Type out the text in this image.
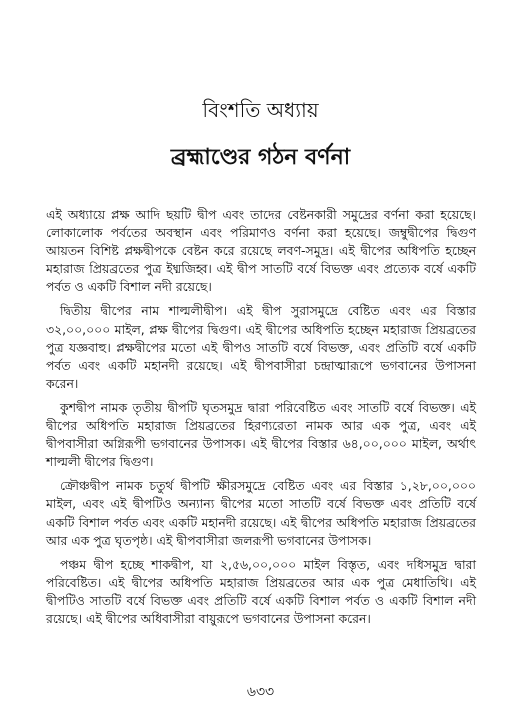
বিংশতি অধ্যায়
ব্রহ্মাণ্ডের গঠন বর্ণনা

এই অধ্যায়ে প্লক্ষ আদি ছয়টি দ্বীপ এবং তাদের বেষ্টনকারী সমুদ্রের বর্ণনা করা হয়েছে। লোকালোক পর্বতের অবস্থান এবং পরিমাণও বর্ণনা করা হয়েছে। জম্বুদ্বীপের দ্বিগুণ আয়তন বিশিষ্ট প্লক্ষদ্বীপকে বেষ্টন করে রয়েছে লবণ-সমুদ্র। এই দ্বীপের অধিপতি হচ্ছেন মহারাজ প্রিয়ব্রতের পুত্র ইধ্মজিহ্ব। এই দ্বীপ সাতটি বর্ষে বিভক্ত এবং প্রত্যেক বর্ষে একটি পর্বত ও একটি বিশাল নদী রয়েছে।

দ্বিতীয় দ্বীপের নাম শাল্মলীদ্বীপ। এই দ্বীপ সুরাসমুদ্রে বেষ্টিত এবং এর বিস্তার ৩২,০০,০০০ মাইল, প্লক্ষ দ্বীপের দ্বিগুণ। এই দ্বীপের অধিপতি হচ্ছেন মহারাজ প্রিয়ব্রতের পুত্র যজ্ঞবাহু। প্লক্ষদ্বীপের মতো এই দ্বীপও সাতটি বর্ষে বিভক্ত, এবং প্রতিটি বর্ষে একটি পর্বত এবং একটি মহানদী রয়েছে। এই দ্বীপবাসীরা চন্দ্রাত্মারূপে ভগবানের উপাসনা করেন।

কুশদ্বীপ নামক তৃতীয় দ্বীপটি ঘৃতসমুদ্র দ্বারা পরিবেষ্টিত এবং সাতটি বর্ষে বিভক্ত। এই দ্বীপের অধিপতি মহারাজ প্রিয়ব্রতের হিরণ্যরেতা নামক আর এক পুত্র, এবং এই দ্বীপবাসীরা অগ্নিরূপী ভগবানের উপাসক। এই দ্বীপের বিস্তার ৬৪,০০,০০০ মাইল, অর্থাৎ শাল্মলী দ্বীপের দ্বিগুণ।

ক্রৌঞ্চদ্বীপ নামক চতুর্থ দ্বীপটি ক্ষীরসমুদ্রে বেষ্টিত এবং এর বিস্তার ১,২৮,০০,০০০ মাইল, এবং এই দ্বীপটিও অন্যান্য দ্বীপের মতো সাতটি বর্ষে বিভক্ত এবং প্রতিটি বর্ষে একটি বিশাল পর্বত এবং একটি মহানদী রয়েছে। এই দ্বীপের অধিপতি মহারাজ প্রিয়ব্রতের আর এক পুত্র ঘৃতপৃষ্ঠ। এই দ্বীপবাসীরা জলরূপী ভগবানের উপাসক।

পঞ্চম দ্বীপ হচ্ছে শাকদ্বীপ, যা ২,৫৬,০০,০০০ মাইল বিস্তৃত, এবং দধিসমুদ্র দ্বারা পরিবেষ্টিত। এই দ্বীপের অধিপতি মহারাজ প্রিয়ব্রতের আর এক পুত্র মেধাতিথি। এই দ্বীপটিও সাতটি বর্ষে বিভক্ত এবং প্রতিটি বর্ষে একটি বিশাল পর্বত ও একটি বিশাল নদী রয়েছে। এই দ্বীপের অধিবাসীরা বায়ুরূপে ভগবানের উপাসনা করেন।

৬৩৩
